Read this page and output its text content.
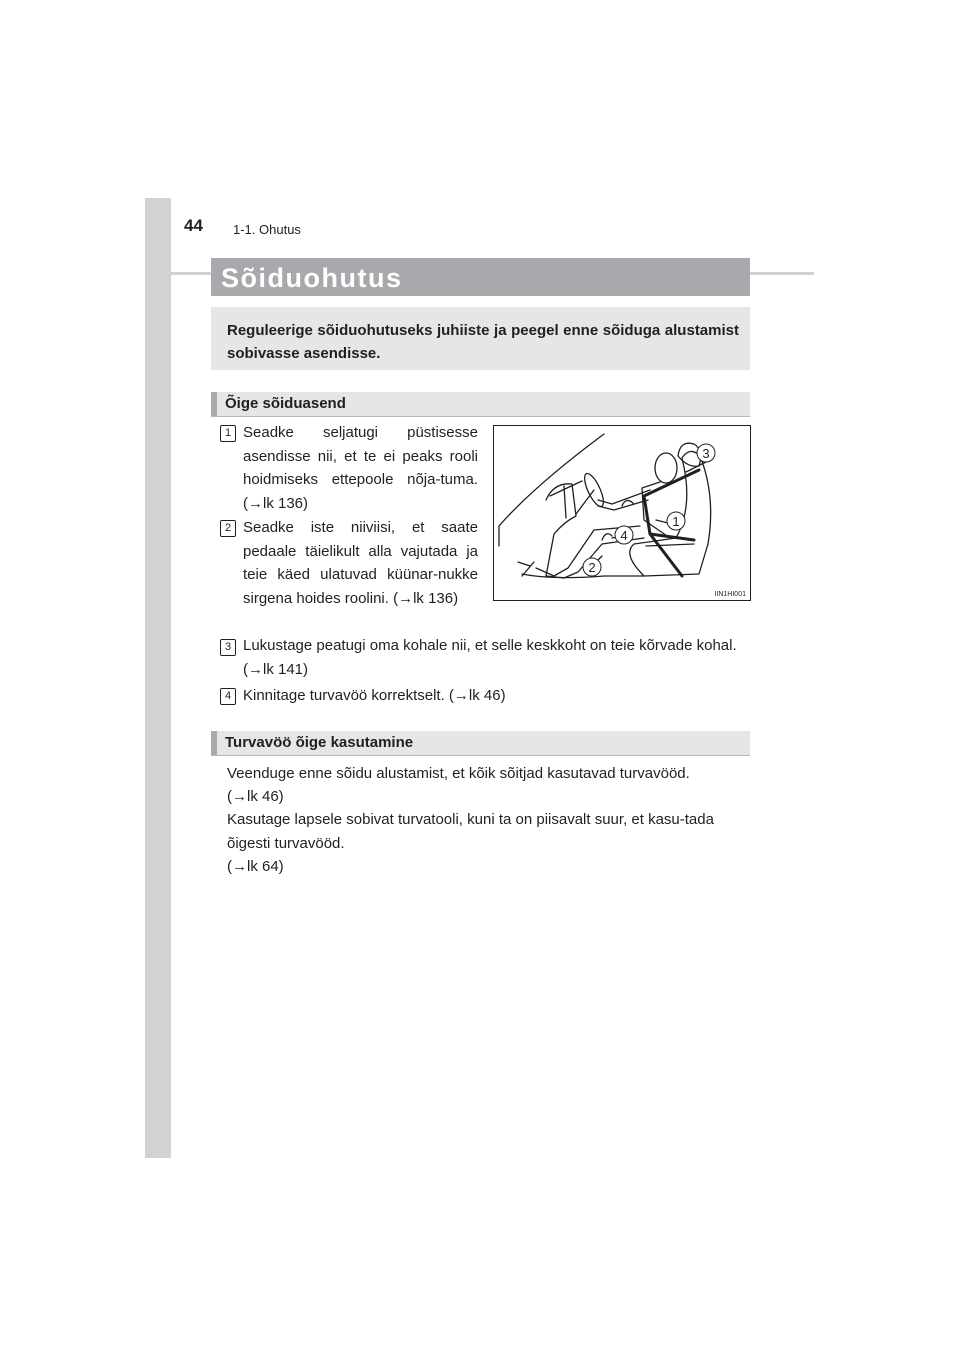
44 1-1. Ohutus
Sõiduohutus

Reguleerige sõiduohutuseks juhiiste ja peegel enne sõiduga alustamist sobivasse asendisse.

Õige sõiduasend
1 Seadke seljatugi püstisesse asendisse nii, et te ei peaks rooli hoidmiseks ettepoole nõja-tuma. (→lk 136)
2 Seadke iste niiviisi, et saate pedaale täielikult alla vajutada ja teie käed ulatuvad küünar-nukke sirgena hoides roolini. (→lk 136)
3 Lukustage peatugi oma kohale nii, et selle keskkoht on teie kõrvade kohal. (→lk 141)
4 Kinnitage turvavöö korrektselt. (→lk 46)
1
2
3
4
IIN1HI001
Turvavöö õige kasutamine
Veenduge enne sõidu alustamist, et kõik sõitjad kasutavad turvavööd.
(→lk 46)
Kasutage lapsele sobivat turvatooli, kuni ta on piisavalt suur, et kasu-tada õigesti turvavööd.
(→lk 64)
